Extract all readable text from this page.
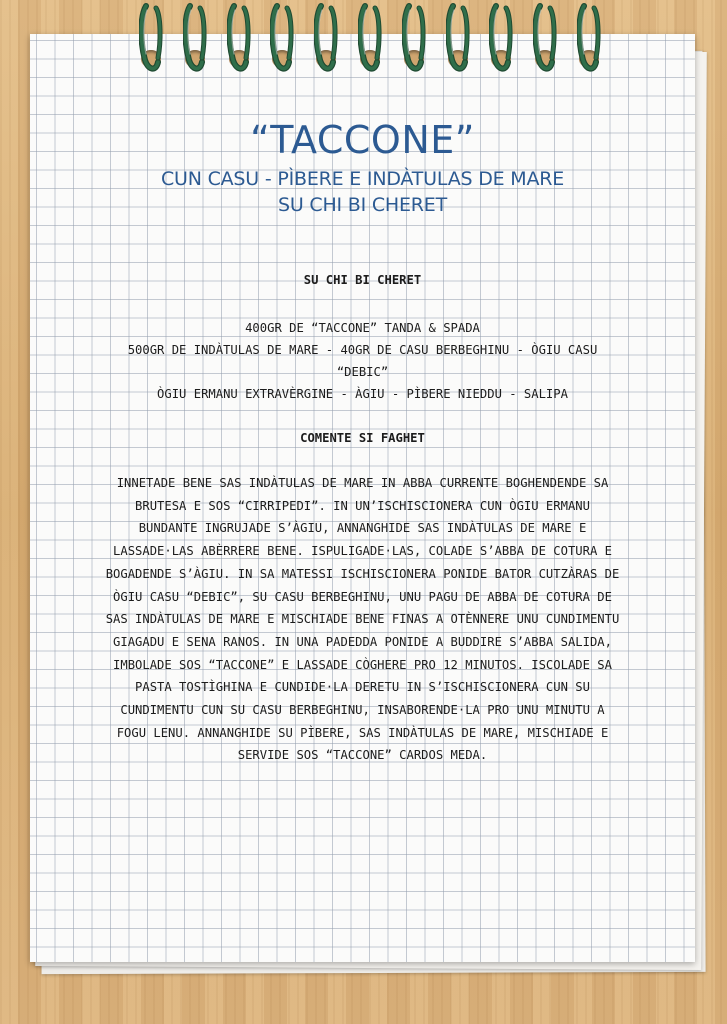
“TACCONE”

CUN CASU - PÌBERE E INDÀTULAS DE MARE

SU CHI BI CHERET

SU CHI BI CHERET

400GR DE “TACCONE” TANDA & SPADA
500GR DE INDÀTULAS DE MARE - 40GR DE CASU BERBEGHINU - ÒGIU CASU
“DEBIC”
ÒGIU ERMANU EXTRAVÈRGINE - ÀGIU - PÌBERE NIEDDU - SALIPA

COMENTE SI FAGHET

INNETADE BENE SAS INDÀTULAS DE MARE IN ABBA CURRENTE BOGHENDENDE SA
BRUTESA E SOS “CIRRIPEDI”. IN UN’ISCHISCIONERA CUN ÒGIU ERMANU
BUNDANTE INGRUJADE S’ÀGIU, ANNANGHIDE SAS INDÀTULAS DE MARE E
LASSADE·LAS ABÈRRERE BENE. ISPULIGADE·LAS, COLADE S’ABBA DE COTURA E
BOGADENDE S’ÀGIU. IN SA MATESSI ISCHISCIONERA PONIDE BATOR CUTZÀRAS DE
ÒGIU CASU “DEBIC”, SU CASU BERBEGHINU, UNU PAGU DE ABBA DE COTURA DE
SAS INDÀTULAS DE MARE E MISCHIADE BENE FINAS A OTÈNNERE UNU CUNDIMENTU
GIAGADU E SENA RANOS. IN UNA PADEDDA PONIDE A BUDDIRE S’ABBA SALIDA,
IMBOLADE SOS “TACCONE” E LASSADE CÒGHERE PRO 12 MINUTOS. ISCOLADE SA
PASTA TOSTÌGHINA E CUNDIDE·LA DERETU IN S’ISCHISCIONERA CUN SU
CUNDIMENTU CUN SU CASU BERBEGHINU, INSABORENDE·LA PRO UNU MINUTU A
FOGU LENU. ANNANGHIDE SU PÌBERE, SAS INDÀTULAS DE MARE, MISCHIADE E
SERVIDE SOS “TACCONE” CARDOS MEDA.
